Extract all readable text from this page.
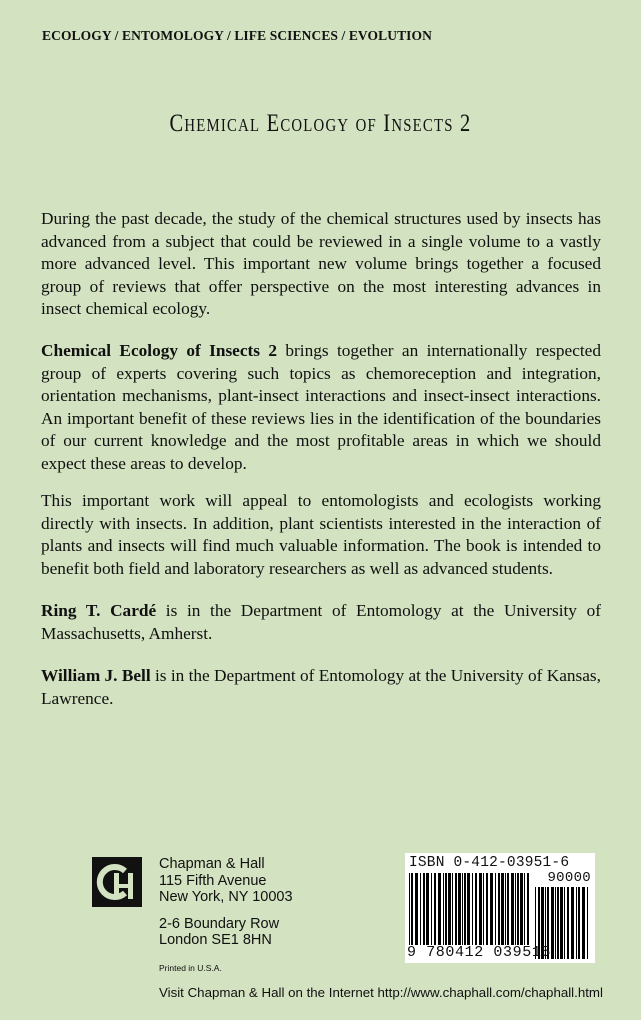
ECOLOGY / ENTOMOLOGY / LIFE SCIENCES / EVOLUTION
Chemical Ecology of Insects 2

During the past decade, the study of the chemical structures used by insects has advanced from a subject that could be reviewed in a single volume to a vastly more advanced level. This important new volume brings together a focused group of reviews that offer perspective on the most interesting advances in insect chemical ecology.

Chemical Ecology of Insects 2 brings together an internationally respected group of experts covering such topics as chemoreception and integration, orientation mechanisms, plant-insect interactions and insect-insect interactions. An important benefit of these reviews lies in the identification of the boundaries of our current knowledge and the most profitable areas in which we should expect these areas to develop.

This important work will appeal to entomologists and ecologists working directly with insects. In addition, plant scientists interested in the interaction of plants and insects will find much valuable information. The book is intended to benefit both field and laboratory researchers as well as advanced students.

Ring T. Cardé is in the Department of Entomology at the University of Massachusetts, Amherst.

William J. Bell is in the Department of Entomology at the University of Kansas, Lawrence.

Chapman & Hall
115 Fifth Avenue
New York, NY 10003
2-6 Boundary Row
London SE1 8HN
Printed in U.S.A.
Visit Chapman & Hall on the Internet http://www.chaphall.com/chaphall.html
ISBN 0-412-03951-6
90000
9 780412 039515
